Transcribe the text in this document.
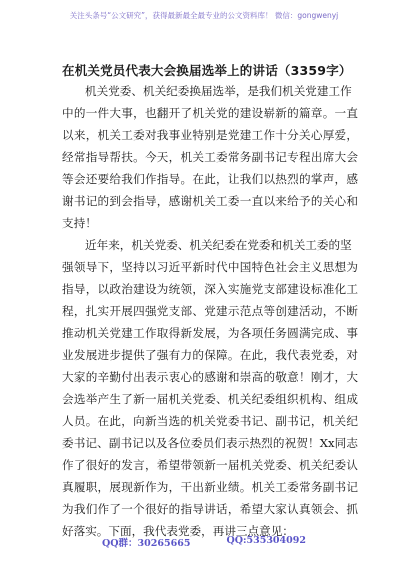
关注头条号“公文研究”，获得最新最全最专业的公文资料库！ 微信：gongwenyj
在机关党员代表大会换届选举上的讲话（3359字）
机关党委、机关纪委换届选举，是我们机关党建工作
中的一件大事，也翻开了机关党的建设崭新的篇章。一直
以来，机关工委对我事业特别是党建工作十分关心厚爱，
经常指导帮扶。今天，机关工委常务副书记专程出席大会
等会还要给我们作指导。在此，让我们以热烈的掌声，感
谢书记的到会指导，感谢机关工委一直以来给予的关心和
支持！
近年来，机关党委、机关纪委在党委和机关工委的坚
强领导下，坚持以习近平新时代中国特色社会主义思想为
指导，以政治建设为统领，深入实施党支部建设标准化工
程，扎实开展四强党支部、党建示范点等创建活动，不断
推动机关党建工作取得新发展，为各项任务圆满完成、事
业发展进步提供了强有力的保障。在此，我代表党委，对
大家的辛勤付出表示衷心的感谢和崇高的敬意！刚才，大
会选举产生了新一届机关党委、机关纪委组织机构、组成
人员。在此，向新当选的机关党委书记、副书记，机关纪
委书记、副书记以及各位委员们表示热烈的祝贺！Xx同志
作了很好的发言，希望带领新一届机关党委、机关纪委认
真履职，展现新作为，干出新业绩。机关工委常务副书记
为我们作了一个很好的指导讲话，希望大家认真领会、抓
好落实。下面，我代表党委，再讲三点意见：
QQ群：30265665	QQ:535304092
